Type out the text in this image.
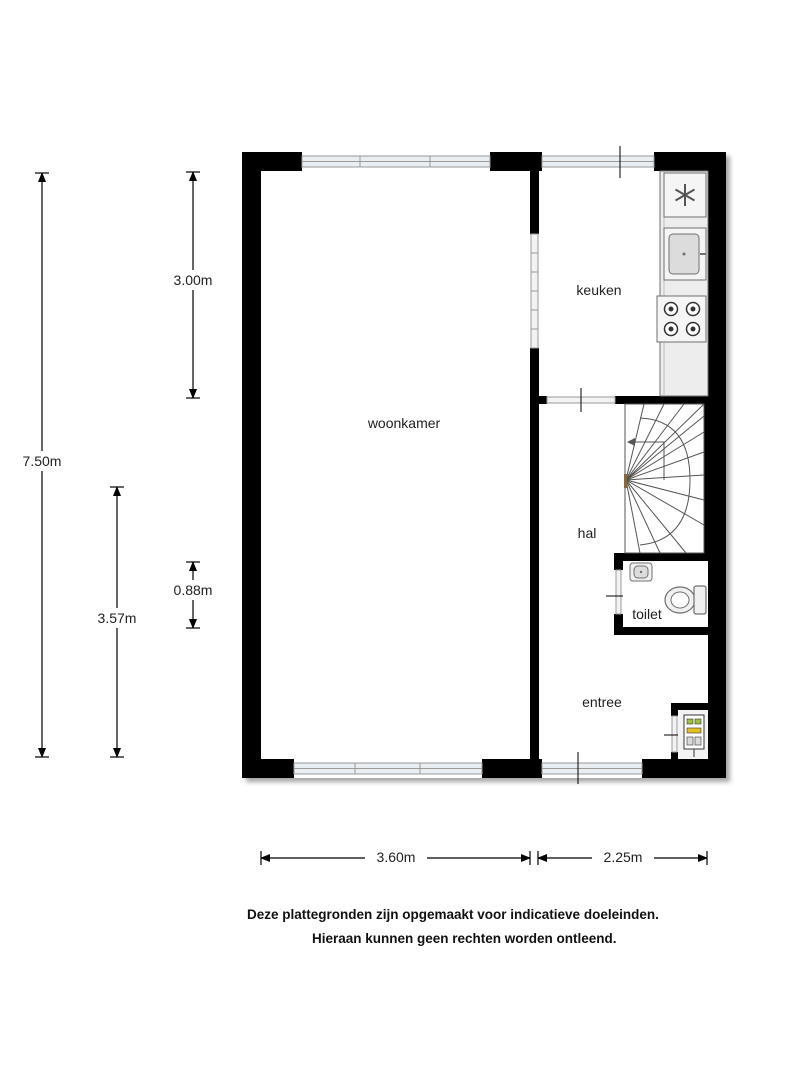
7.50m
3.00m
3.57m
0.88m
3.60m	2.25m
woonkamer
keuken
hal
toilet
entree
Deze plattegronden zijn opgemaakt voor indicatieve doeleinden.
Hieraan kunnen geen rechten worden ontleend.
